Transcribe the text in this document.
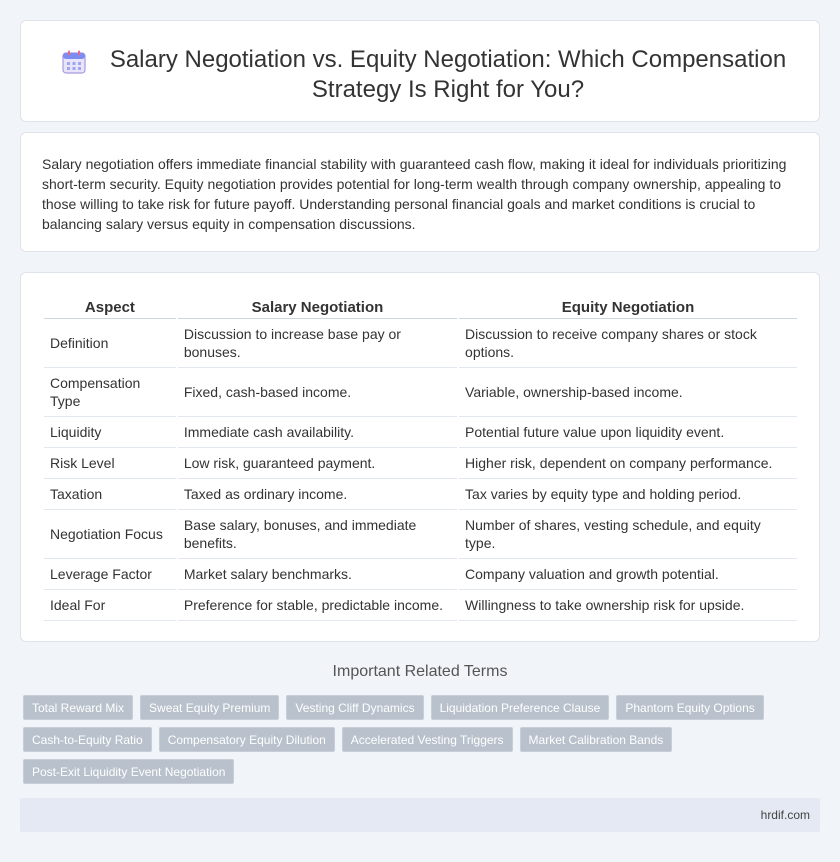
Salary Negotiation vs. Equity Negotiation: Which Compensation Strategy Is Right for You?

Salary negotiation offers immediate financial stability with guaranteed cash flow, making it ideal for individuals prioritizing short-term security. Equity negotiation provides potential for long-term wealth through company ownership, appealing to those willing to take risk for future payoff. Understanding personal financial goals and market conditions is crucial to balancing salary versus equity in compensation discussions.

Aspect	Salary Negotiation	Equity Negotiation
Definition	Discussion to increase base pay or bonuses.	Discussion to receive company shares or stock options.
Compensation Type	Fixed, cash-based income.	Variable, ownership-based income.
Liquidity	Immediate cash availability.	Potential future value upon liquidity event.
Risk Level	Low risk, guaranteed payment.	Higher risk, dependent on company performance.
Taxation	Taxed as ordinary income.	Tax varies by equity type and holding period.
Negotiation Focus	Base salary, bonuses, and immediate benefits.	Number of shares, vesting schedule, and equity type.
Leverage Factor	Market salary benchmarks.	Company valuation and growth potential.
Ideal For	Preference for stable, predictable income.	Willingness to take ownership risk for upside.
Important Related Terms
Total Reward Mix	Sweat Equity Premium	Vesting Cliff Dynamics	Liquidation Preference Clause	Phantom Equity Options
Cash-to-Equity Ratio	Compensatory Equity Dilution	Accelerated Vesting Triggers	Market Calibration Bands
Post-Exit Liquidity Event Negotiation
hrdif.com
